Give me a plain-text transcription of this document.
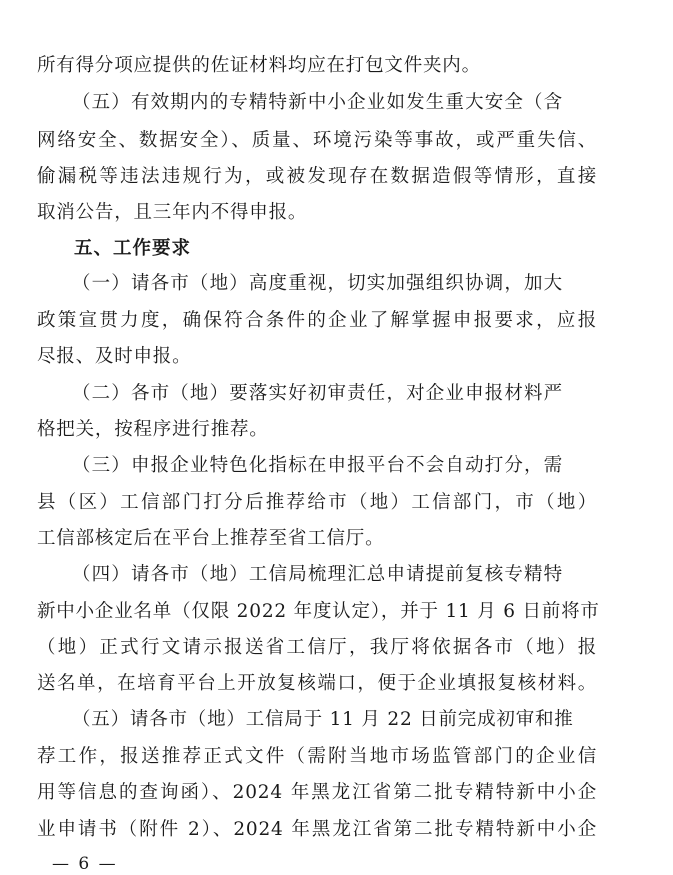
所有得分项应提供的佐证材料均应在打包文件夹内。
（五）有效期内的专精特新中小企业如发生重大安全（含
网络安全、数据安全）、质量、环境污染等事故，或严重失信、
偷漏税等违法违规行为，或被发现存在数据造假等情形，直接
取消公告，且三年内不得申报。
五、工作要求
（一）请各市（地）高度重视，切实加强组织协调，加大
政策宣贯力度，确保符合条件的企业了解掌握申报要求，应报
尽报、及时申报。
（二）各市（地）要落实好初审责任，对企业申报材料严
格把关，按程序进行推荐。
（三）申报企业特色化指标在申报平台不会自动打分，需
县（区）工信部门打分后推荐给市（地）工信部门，市（地）
工信部核定后在平台上推荐至省工信厅。
（四）请各市（地）工信局梳理汇总申请提前复核专精特
新中小企业名单（仅限 2022 年度认定），并于 11 月 6 日前将市
（地）正式行文请示报送省工信厅，我厅将依据各市（地）报
送名单，在培育平台上开放复核端口，便于企业填报复核材料。
（五）请各市（地）工信局于 11 月 22 日前完成初审和推
荐工作，报送推荐正式文件（需附当地市场监管部门的企业信
用等信息的查询函）、2024 年黑龙江省第二批专精特新中小企
业申请书（附件 2）、2024 年黑龙江省第二批专精特新中小企
— 6 —
